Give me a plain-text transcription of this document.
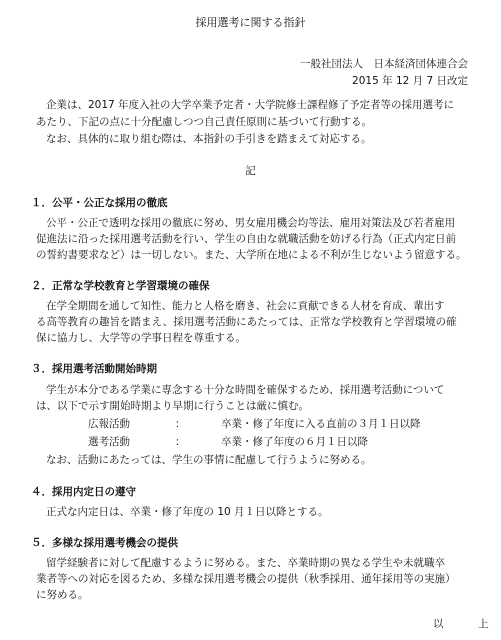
採用選考に関する指針
一般社団法人　日本経済団体連合会
2015 年 12 月 7 日改定
企業は、2017 年度入社の大学卒業予定者・大学院修士課程修了予定者等の採用選考に
あたり、下記の点に十分配慮しつつ自己責任原則に基づいて行動する。
なお、具体的に取り組む際は、本指針の手引きを踏まえて対応する。
記
１．公平・公正な採用の徹底
公平・公正で透明な採用の徹底に努め、男女雇用機会均等法、雇用対策法及び若者雇用
促進法に沿った採用選考活動を行い、学生の自由な就職活動を妨げる行為（正式内定日前
の誓約書要求など）は一切しない。また、大学所在地による不利が生じないよう留意する。
２．正常な学校教育と学習環境の確保
在学全期間を通して知性、能力と人格を磨き、社会に貢献できる人材を育成、輩出す
る高等教育の趣旨を踏まえ、採用選考活動にあたっては、正常な学校教育と学習環境の確
保に協力し、大学等の学事日程を尊重する。
３．採用選考活動開始時期
学生が本分である学業に専念する十分な時間を確保するため、採用選考活動について
は、以下で示す開始時期より早期に行うことは厳に慎む。
広報活動	：	卒業・修了年度に入る直前の３月１日以降
選考活動	：	卒業・修了年度の６月１日以降
なお、活動にあたっては、学生の事情に配慮して行うように努める。
４．採用内定日の遵守
正式な内定日は、卒業・修了年度の 10 月１日以降とする。
５．多様な採用選考機会の提供
留学経験者に対して配慮するように努める。また、卒業時期の異なる学生や未就職卒
業者等への対応を図るため、多様な採用選考機会の提供（秋季採用、通年採用等の実施）
に努める。
以　上
